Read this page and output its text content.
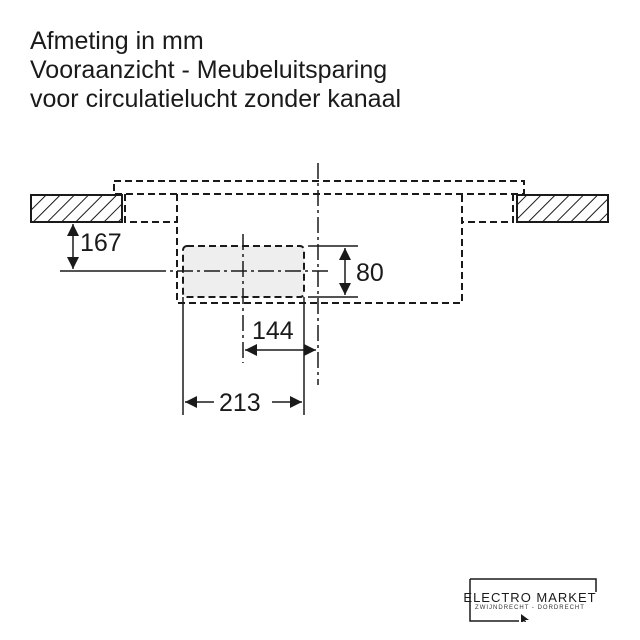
Afmeting in mm
Vooraanzicht - Meubeluitsparing
voor circulatielucht zonder kanaal
167
80
144
213
ELECTRO MARKET
ZWIJNDRECHT - DORDRECHT
